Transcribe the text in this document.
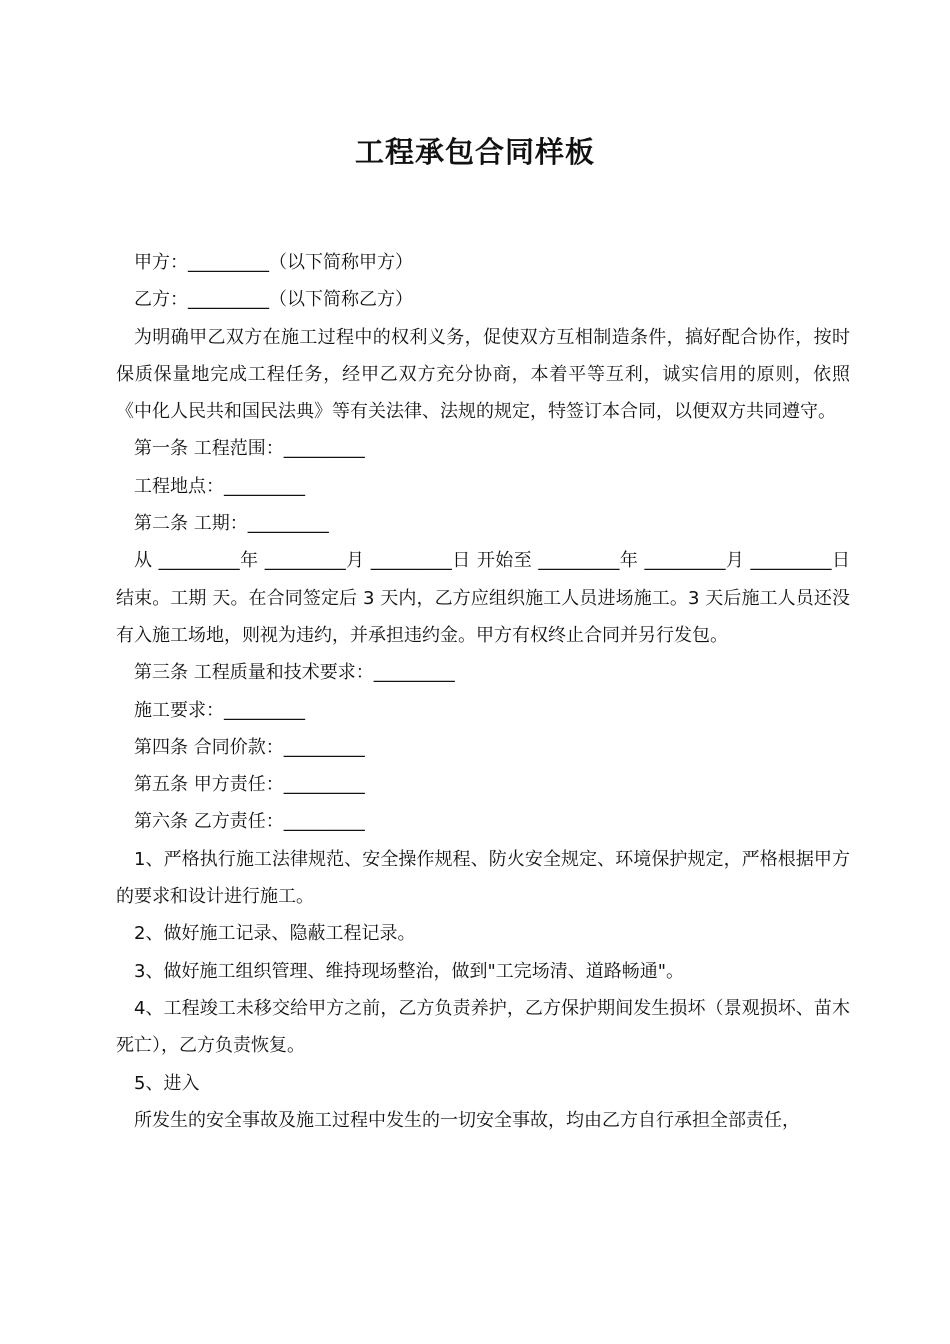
工程承包合同样板

甲方：_________（以下简称甲方）

乙方：_________（以下简称乙方）

为明确甲乙双方在施工过程中的权利义务，促使双方互相制造条件，搞好配合协作，按时保质保量地完成工程任务，经甲乙双方充分协商，本着平等互利，诚实信用的原则，依照《中化人民共和国民法典》等有关法律、法规的规定，特签订本合同，以便双方共同遵守。

第一条 工程范围：_________

工程地点：_________

第二条 工期：_________

从 _________年 _________月 _________日 开始至 _________年 _________月 _________日结束。工期 天。在合同签定后 3 天内，乙方应组织施工人员进场施工。3 天后施工人员还没有入施工场地，则视为违约，并承担违约金。甲方有权终止合同并另行发包。

第三条 工程质量和技术要求：_________

施工要求：_________

第四条 合同价款：_________

第五条 甲方责任：_________

第六条 乙方责任：_________

1、严格执行施工法律规范、安全操作规程、防火安全规定、环境保护规定，严格根据甲方的要求和设计进行施工。

2、做好施工记录、隐蔽工程记录。

3、做好施工组织管理、维持现场整治，做到"工完场清、道路畅通"。

4、工程竣工未移交给甲方之前，乙方负责养护，乙方保护期间发生损坏（景观损坏、苗木死亡），乙方负责恢复。

5、进入

所发生的安全事故及施工过程中发生的一切安全事故，均由乙方自行承担全部责任，
